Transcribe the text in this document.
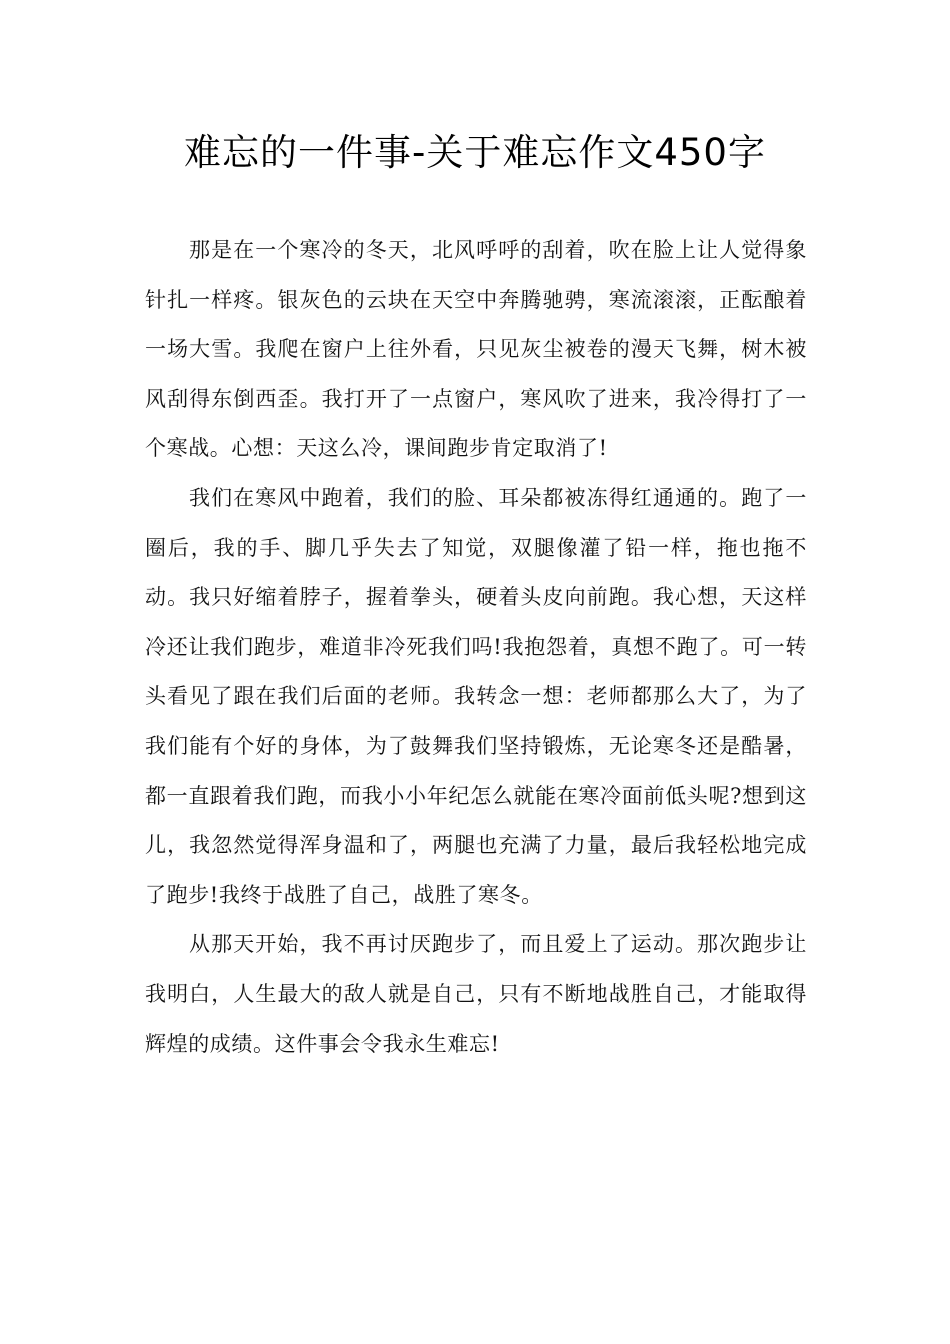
难忘的一件事-关于难忘作文450字

那是在一个寒冷的冬天，北风呼呼的刮着，吹在脸上让人觉得象针扎一样疼。银灰色的云块在天空中奔腾驰骋，寒流滚滚，正酝酿着一场大雪。我爬在窗户上往外看，只见灰尘被卷的漫天飞舞，树木被风刮得东倒西歪。我打开了一点窗户，寒风吹了进来，我冷得打了一个寒战。心想：天这么冷，课间跑步肯定取消了!

我们在寒风中跑着，我们的脸、耳朵都被冻得红通通的。跑了一圈后，我的手、脚几乎失去了知觉，双腿像灌了铅一样，拖也拖不动。我只好缩着脖子，握着拳头，硬着头皮向前跑。我心想，天这样冷还让我们跑步，难道非冷死我们吗!我抱怨着，真想不跑了。可一转头看见了跟在我们后面的老师。我转念一想：老师都那么大了，为了我们能有个好的身体，为了鼓舞我们坚持锻炼，无论寒冬还是酷暑，都一直跟着我们跑，而我小小年纪怎么就能在寒冷面前低头呢?想到这儿，我忽然觉得浑身温和了，两腿也充满了力量，最后我轻松地完成了跑步!我终于战胜了自己，战胜了寒冬。

从那天开始，我不再讨厌跑步了，而且爱上了运动。那次跑步让我明白，人生最大的敌人就是自己，只有不断地战胜自己，才能取得辉煌的成绩。这件事会令我永生难忘!
